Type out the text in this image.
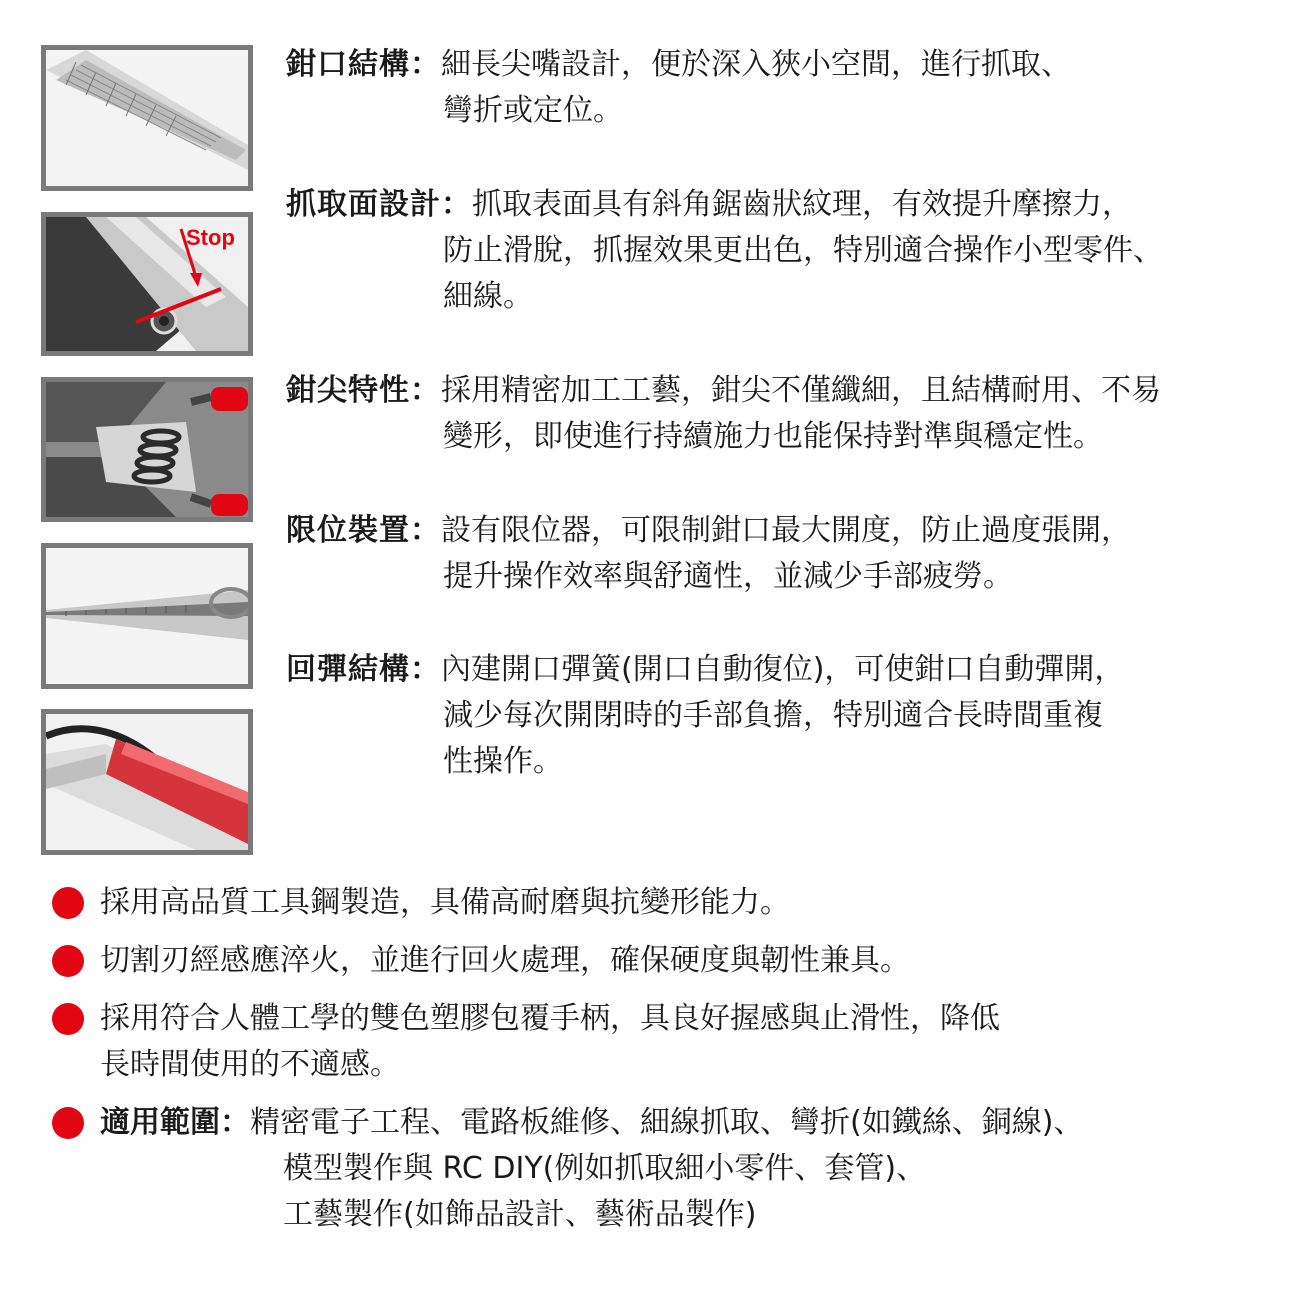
Stop
鉗口結構：細長尖嘴設計，便於深入狹小空間，進行抓取、
彎折或定位。
抓取面設計：抓取表面具有斜角鋸齒狀紋理，有效提升摩擦力，
防止滑脫，抓握效果更出色，特別適合操作小型零件、
細線。
鉗尖特性：採用精密加工工藝，鉗尖不僅纖細，且結構耐用、不易
變形，即使進行持續施力也能保持對準與穩定性。
限位裝置：設有限位器，可限制鉗口最大開度，防止過度張開，
提升操作效率與舒適性，並減少手部疲勞。
回彈結構：內建開口彈簧(開口自動復位)，可使鉗口自動彈開，
減少每次開閉時的手部負擔，特別適合長時間重複
性操作。
採用高品質工具鋼製造，具備高耐磨與抗變形能力。
切割刃經感應淬火，並進行回火處理，確保硬度與韌性兼具。
採用符合人體工學的雙色塑膠包覆手柄，具良好握感與止滑性，降低
長時間使用的不適感。
適用範圍：精密電子工程、電路板維修、細線抓取、彎折(如鐵絲、銅線)、
模型製作與 RC DIY(例如抓取細小零件、套管)、
工藝製作(如飾品設計、藝術品製作)
